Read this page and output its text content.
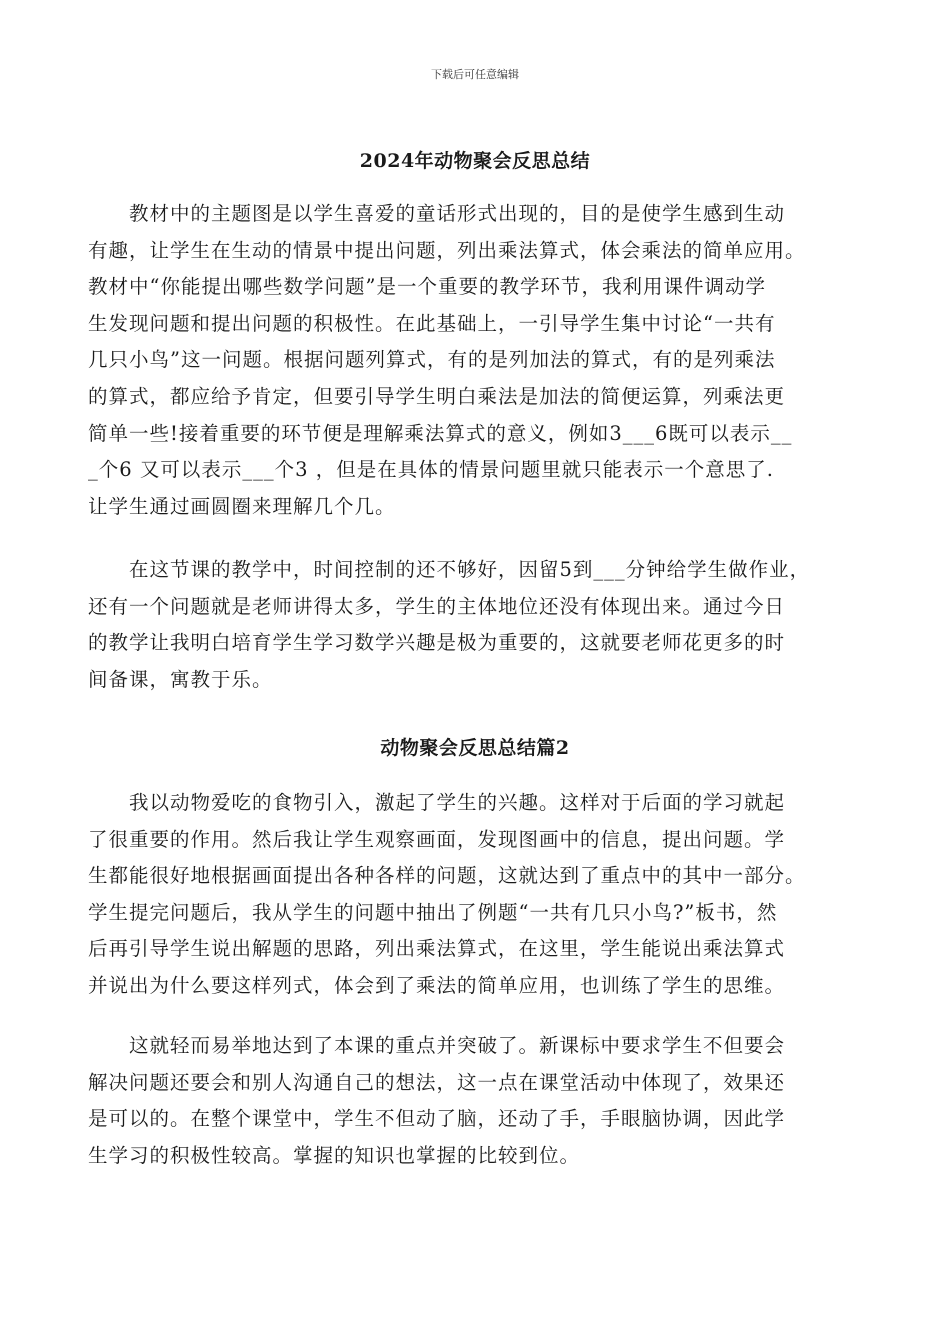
下载后可任意编辑
2024年动物聚会反思总结
　　教材中的主题图是以学生喜爱的童话形式出现的，目的是使学生感到生动
有趣，让学生在生动的情景中提出问题，列出乘法算式，体会乘法的简单应用。
教材中“你能提出哪些数学问题”是一个重要的教学环节，我利用课件调动学
生发现问题和提出问题的积极性。在此基础上，一引导学生集中讨论“一共有
几只小鸟”这一问题。根据问题列算式，有的是列加法的算式，有的是列乘法
的算式，都应给予肯定，但要引导学生明白乘法是加法的简便运算，列乘法更
简单一些!接着重要的环节便是理解乘法算式的意义，例如3___6既可以表示__
_个6 又可以表示___个3 ，但是在具体的情景问题里就只能表示一个意思了.
让学生通过画圆圈来理解几个几。
　　在这节课的教学中，时间控制的还不够好，因留5到___分钟给学生做作业，
还有一个问题就是老师讲得太多，学生的主体地位还没有体现出来。通过今日
的教学让我明白培育学生学习数学兴趣是极为重要的，这就要老师花更多的时
间备课，寓教于乐。
动物聚会反思总结篇2
　　我以动物爱吃的食物引入，激起了学生的兴趣。这样对于后面的学习就起
了很重要的作用。然后我让学生观察画面，发现图画中的信息，提出问题。学
生都能很好地根据画面提出各种各样的问题，这就达到了重点中的其中一部分。
学生提完问题后，我从学生的问题中抽出了例题“一共有几只小鸟?”板书，然
后再引导学生说出解题的思路，列出乘法算式，在这里，学生能说出乘法算式
并说出为什么要这样列式，体会到了乘法的简单应用，也训练了学生的思维。
　　这就轻而易举地达到了本课的重点并突破了。新课标中要求学生不但要会
解决问题还要会和别人沟通自己的想法，这一点在课堂活动中体现了，效果还
是可以的。在整个课堂中，学生不但动了脑，还动了手，手眼脑协调，因此学
生学习的积极性较高。掌握的知识也掌握的比较到位。
